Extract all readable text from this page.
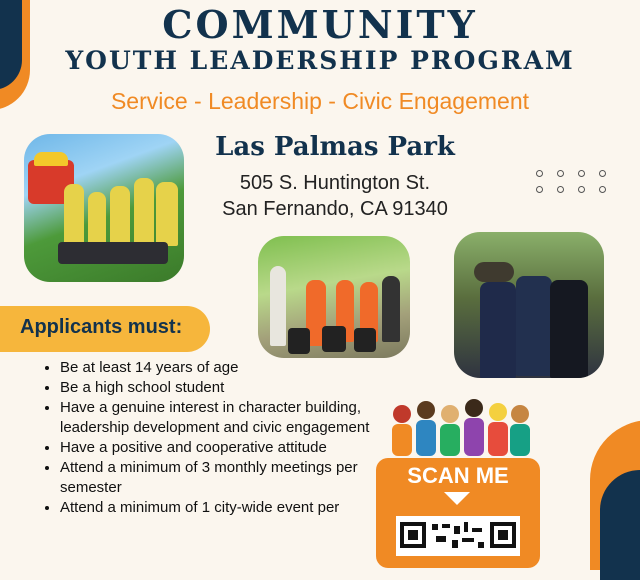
COMMUNITY
YOUTH LEADERSHIP PROGRAM
Service - Leadership - Civic Engagement
Las Palmas Park
505 S. Huntington St.
San Fernando, CA 91340
Applicants must:
• Be at least 14 years of age
• Be a high school student
• Have a genuine interest in character building, leadership development and civic engagement
• Have a positive and cooperative attitude
• Attend a minimum of 3 monthly meetings per semester
• Attend a minimum of 1 city-wide event per
SCAN ME
